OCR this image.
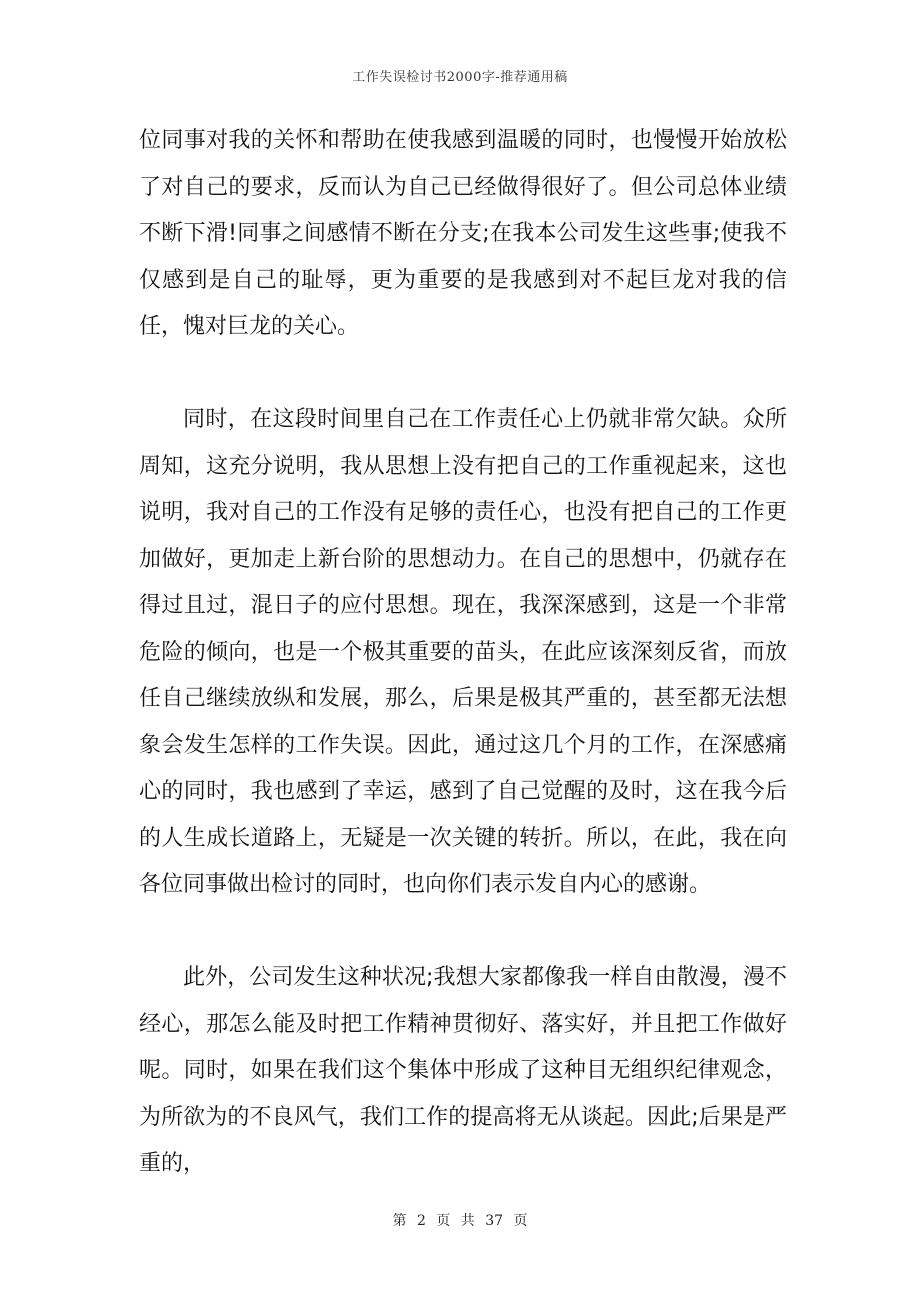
工作失误检讨书2000字-推荐通用稿

位同事对我的关怀和帮助在使我感到温暖的同时，也慢慢开始放松了对自己的要求，反而认为自己已经做得很好了。但公司总体业绩不断下滑!同事之间感情不断在分支;在我本公司发生这些事;使我不仅感到是自己的耻辱，更为重要的是我感到对不起巨龙对我的信任，愧对巨龙的关心。

同时，在这段时间里自己在工作责任心上仍就非常欠缺。众所周知，这充分说明，我从思想上没有把自己的工作重视起来，这也说明，我对自己的工作没有足够的责任心，也没有把自己的工作更加做好，更加走上新台阶的思想动力。在自己的思想中，仍就存在得过且过，混日子的应付思想。现在，我深深感到，这是一个非常危险的倾向，也是一个极其重要的苗头，在此应该深刻反省，而放任自己继续放纵和发展，那么，后果是极其严重的，甚至都无法想象会发生怎样的工作失误。因此，通过这几个月的工作，在深感痛心的同时，我也感到了幸运，感到了自己觉醒的及时，这在我今后的人生成长道路上，无疑是一次关键的转折。所以，在此，我在向各位同事做出检讨的同时，也向你们表示发自内心的感谢。

此外，公司发生这种状况;我想大家都像我一样自由散漫，漫不经心，那怎么能及时把工作精神贯彻好、落实好，并且把工作做好呢。同时，如果在我们这个集体中形成了这种目无组织纪律观念，为所欲为的不良风气，我们工作的提高将无从谈起。因此;后果是严重的，

第 2 页 共 37 页
